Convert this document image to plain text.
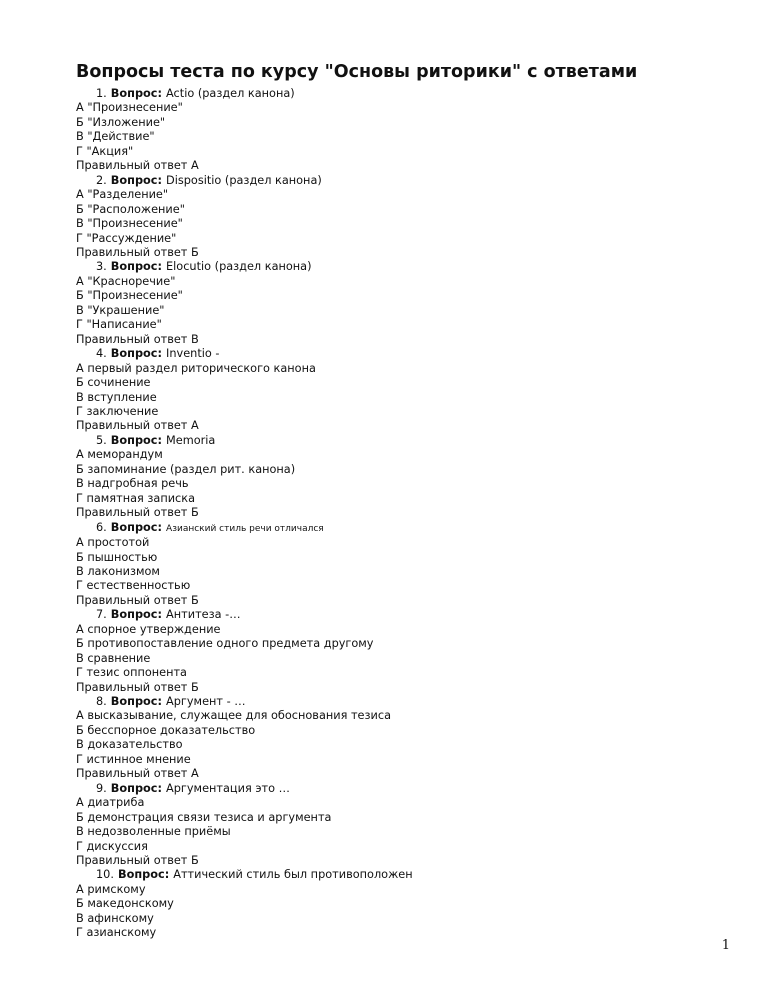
Вопросы теста по курсу "Основы риторики" с ответами
1. Вопрос: Actio (раздел канона)
А "Произнесение"
Б "Изложение"
В "Действие"
Г "Акция"
Правильный ответ А
2. Вопрос: Dispositio (раздел канона)
А "Разделение"
Б "Расположение"
В "Произнесение"
Г "Рассуждение"
Правильный ответ Б
3. Вопрос: Elocutio (раздел канона)
А "Красноречие"
Б "Произнесение"
В "Украшение"
Г "Написание"
Правильный ответ В
4. Вопрос: Inventio -
А первый раздел риторического канона
Б сочинение
В вступление
Г заключение
Правильный ответ А
5. Вопрос: Memoria
А меморандум
Б запоминание (раздел рит. канона)
В надгробная речь
Г памятная записка
Правильный ответ Б
6. Вопрос: Азианский стиль речи отличался
А простотой
Б пышностью
В лаконизмом
Г естественностью
Правильный ответ Б
7. Вопрос: Антитеза -…
А спорное утверждение
Б противопоставление одного предмета другому
В сравнение
Г тезис оппонента
Правильный ответ Б
8. Вопрос: Аргумент - …
А высказывание, служащее для обоснования тезиса
Б бесспорное доказательство
В доказательство
Г истинное мнение
Правильный ответ А
9. Вопрос: Аргументация это …
А диатриба
Б демонстрация связи тезиса и аргумента
В недозволенные приёмы
Г дискуссия
Правильный ответ Б
10. Вопрос: Аттический стиль был противоположен
А римскому
Б македонскому
В афинскому
Г азианскому
1
